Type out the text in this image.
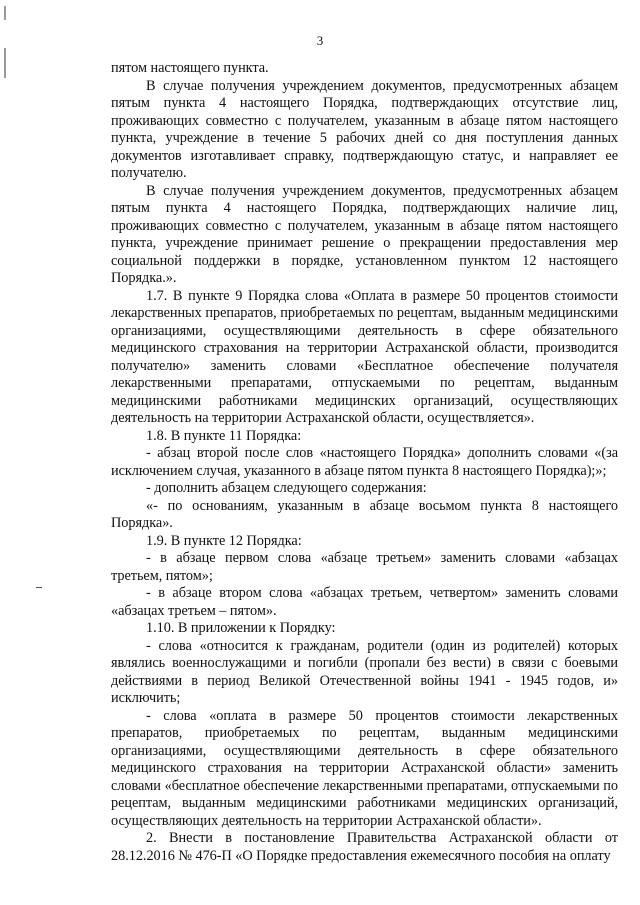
3

пятом настоящего пункта.

В случае получения учреждением документов, предусмотренных абзацем пятым пункта 4 настоящего Порядка, подтверждающих отсутствие лиц, проживающих совместно с получателем, указанным в абзаце пятом настоящего пункта, учреждение в течение 5 рабочих дней со дня поступления данных документов изготавливает справку, подтверждающую статус, и направляет ее получателю.

В случае получения учреждением документов, предусмотренных абзацем пятым пункта 4 настоящего Порядка, подтверждающих наличие лиц, проживающих совместно с получателем, указанным в абзаце пятом настоящего пункта, учреждение принимает решение о прекращении предоставления мер социальной поддержки в порядке, установленном пунктом 12 настоящего Порядка.».

1.7. В пункте 9 Порядка слова «Оплата в размере 50 процентов стоимости лекарственных препаратов, приобретаемых по рецептам, выданным медицинскими организациями, осуществляющими деятельность в сфере обязательного медицинского страхования на территории Астраханской области, производится получателю» заменить словами «Бесплатное обеспечение получателя лекарственными препаратами, отпускаемыми по рецептам, выданным медицинскими работниками медицинских организаций, осуществляющих деятельность на территории Астраханской области, осуществляется».

1.8. В пункте 11 Порядка:

- абзац второй после слов «настоящего Порядка» дополнить словами «(за исключением случая, указанного в абзаце пятом пункта 8 настоящего Порядка);»;

- дополнить абзацем следующего содержания:

«- по основаниям, указанным в абзаце восьмом пункта 8 настоящего Порядка».

1.9. В пункте 12 Порядка:

- в абзаце первом слова «абзаце третьем» заменить словами «абзацах третьем, пятом»;

- в абзаце втором слова «абзацах третьем, четвертом» заменить словами «абзацах третьем – пятом».

1.10. В приложении к Порядку:

- слова «относится к гражданам, родители (один из родителей) которых являлись военнослужащими и погибли (пропали без вести) в связи с боевыми действиями в период Великой Отечественной войны 1941 - 1945 годов, и» исключить;

- слова «оплата в размере 50 процентов стоимости лекарственных препаратов, приобретаемых по рецептам, выданным медицинскими организациями, осуществляющими деятельность в сфере обязательного медицинского страхования на территории Астраханской области» заменить словами «бесплатное обеспечение лекарственными препаратами, отпускаемыми по рецептам, выданным медицинскими работниками медицинских организаций, осуществляющих деятельность на территории Астраханской области».

2. Внести в постановление Правительства Астраханской области от 28.12.2016 № 476-П «О Порядке предоставления ежемесячного пособия на оплату
